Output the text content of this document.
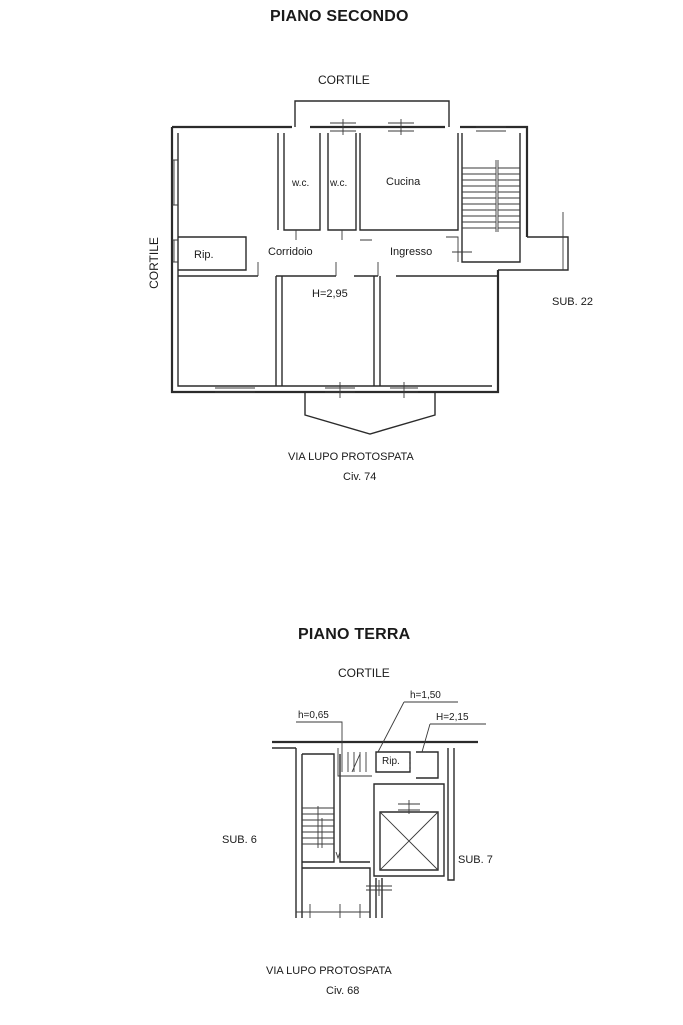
PIANO SECONDO
CORTILE
CORTILE
w.c. w.c.	Cucina
Rip.	Corridoio	Ingresso
H=2,95
SUB. 22
VIA LUPO PROTOSPATA
Civ. 74
PIANO TERRA
CORTILE
h=0,65
h=1,50
H=2,15
Rip.
SUB. 6
SUB. 7
VIA LUPO PROTOSPATA
Civ. 68
